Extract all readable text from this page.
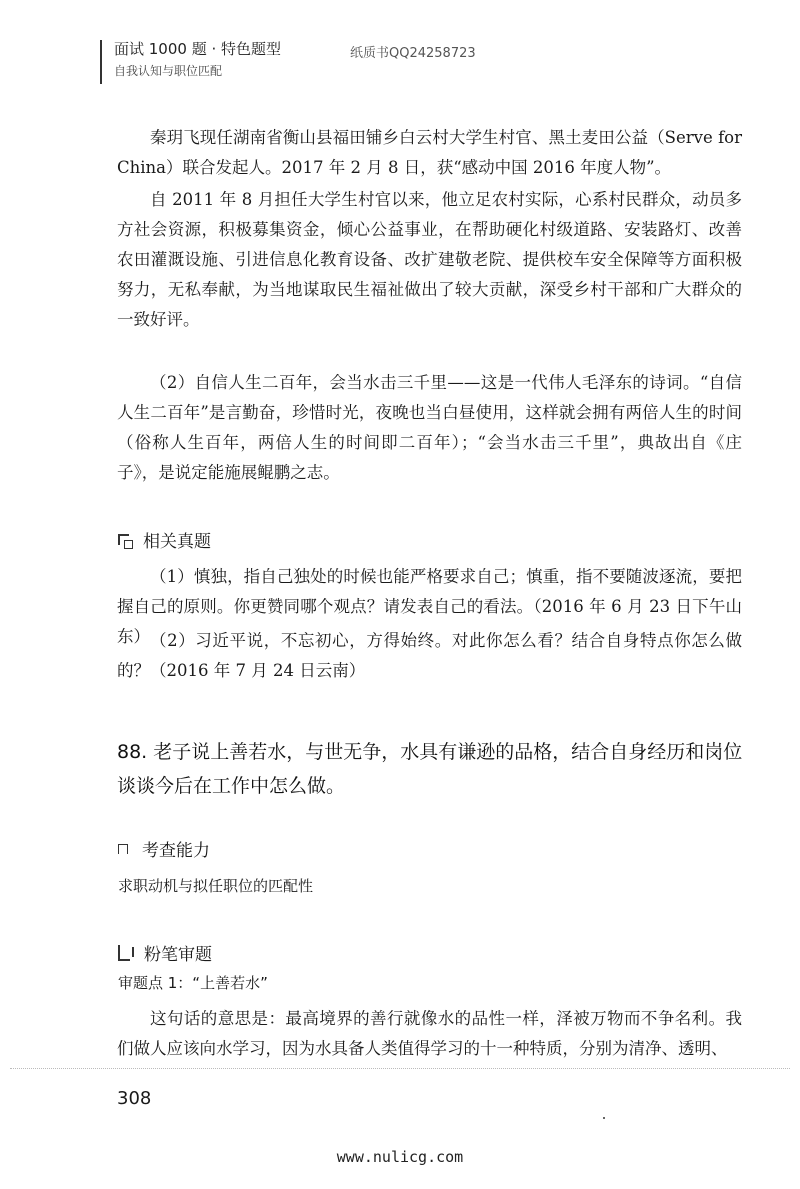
面试 1000 题 · 特色题型
自我认知与职位匹配
纸质书QQ24258723

秦玥飞现任湖南省衡山县福田铺乡白云村大学生村官、黑土麦田公益（Serve for China）联合发起人。2017 年 2 月 8 日，获“感动中国 2016 年度人物”。

自 2011 年 8 月担任大学生村官以来，他立足农村实际，心系村民群众，动员多方社会资源，积极募集资金，倾心公益事业，在帮助硬化村级道路、安装路灯、改善农田灌溉设施、引进信息化教育设备、改扩建敬老院、提供校车安全保障等方面积极努力，无私奉献，为当地谋取民生福祉做出了较大贡献，深受乡村干部和广大群众的一致好评。

（2）自信人生二百年，会当水击三千里——这是一代伟人毛泽东的诗词。“自信人生二百年”是言勤奋，珍惜时光，夜晚也当白昼使用，这样就会拥有两倍人生的时间（俗称人生百年，两倍人生的时间即二百年）；“会当水击三千里”，典故出自《庄子》，是说定能施展鲲鹏之志。

相关真题

（1）慎独，指自己独处的时候也能严格要求自己；慎重，指不要随波逐流，要把握自己的原则。你更赞同哪个观点？请发表自己的看法。（2016 年 6 月 23 日下午山东） （2）习近平说，不忘初心，方得始终。对此你怎么看？结合自身特点你怎么做的？（2016 年 7 月 24 日云南）

88. 老子说上善若水，与世无争，水具有谦逊的品格，结合自身经历和岗位谈谈今后在工作中怎么做。

考查能力
求职动机与拟任职位的匹配性
粉笔审题
审题点 1：“上善若水”

这句话的意思是：最高境界的善行就像水的品性一样，泽被万物而不争名利。我们做人应该向水学习，因为水具备人类值得学习的十一种特质，分别为清净、透明、

308
www.nulicg.com
